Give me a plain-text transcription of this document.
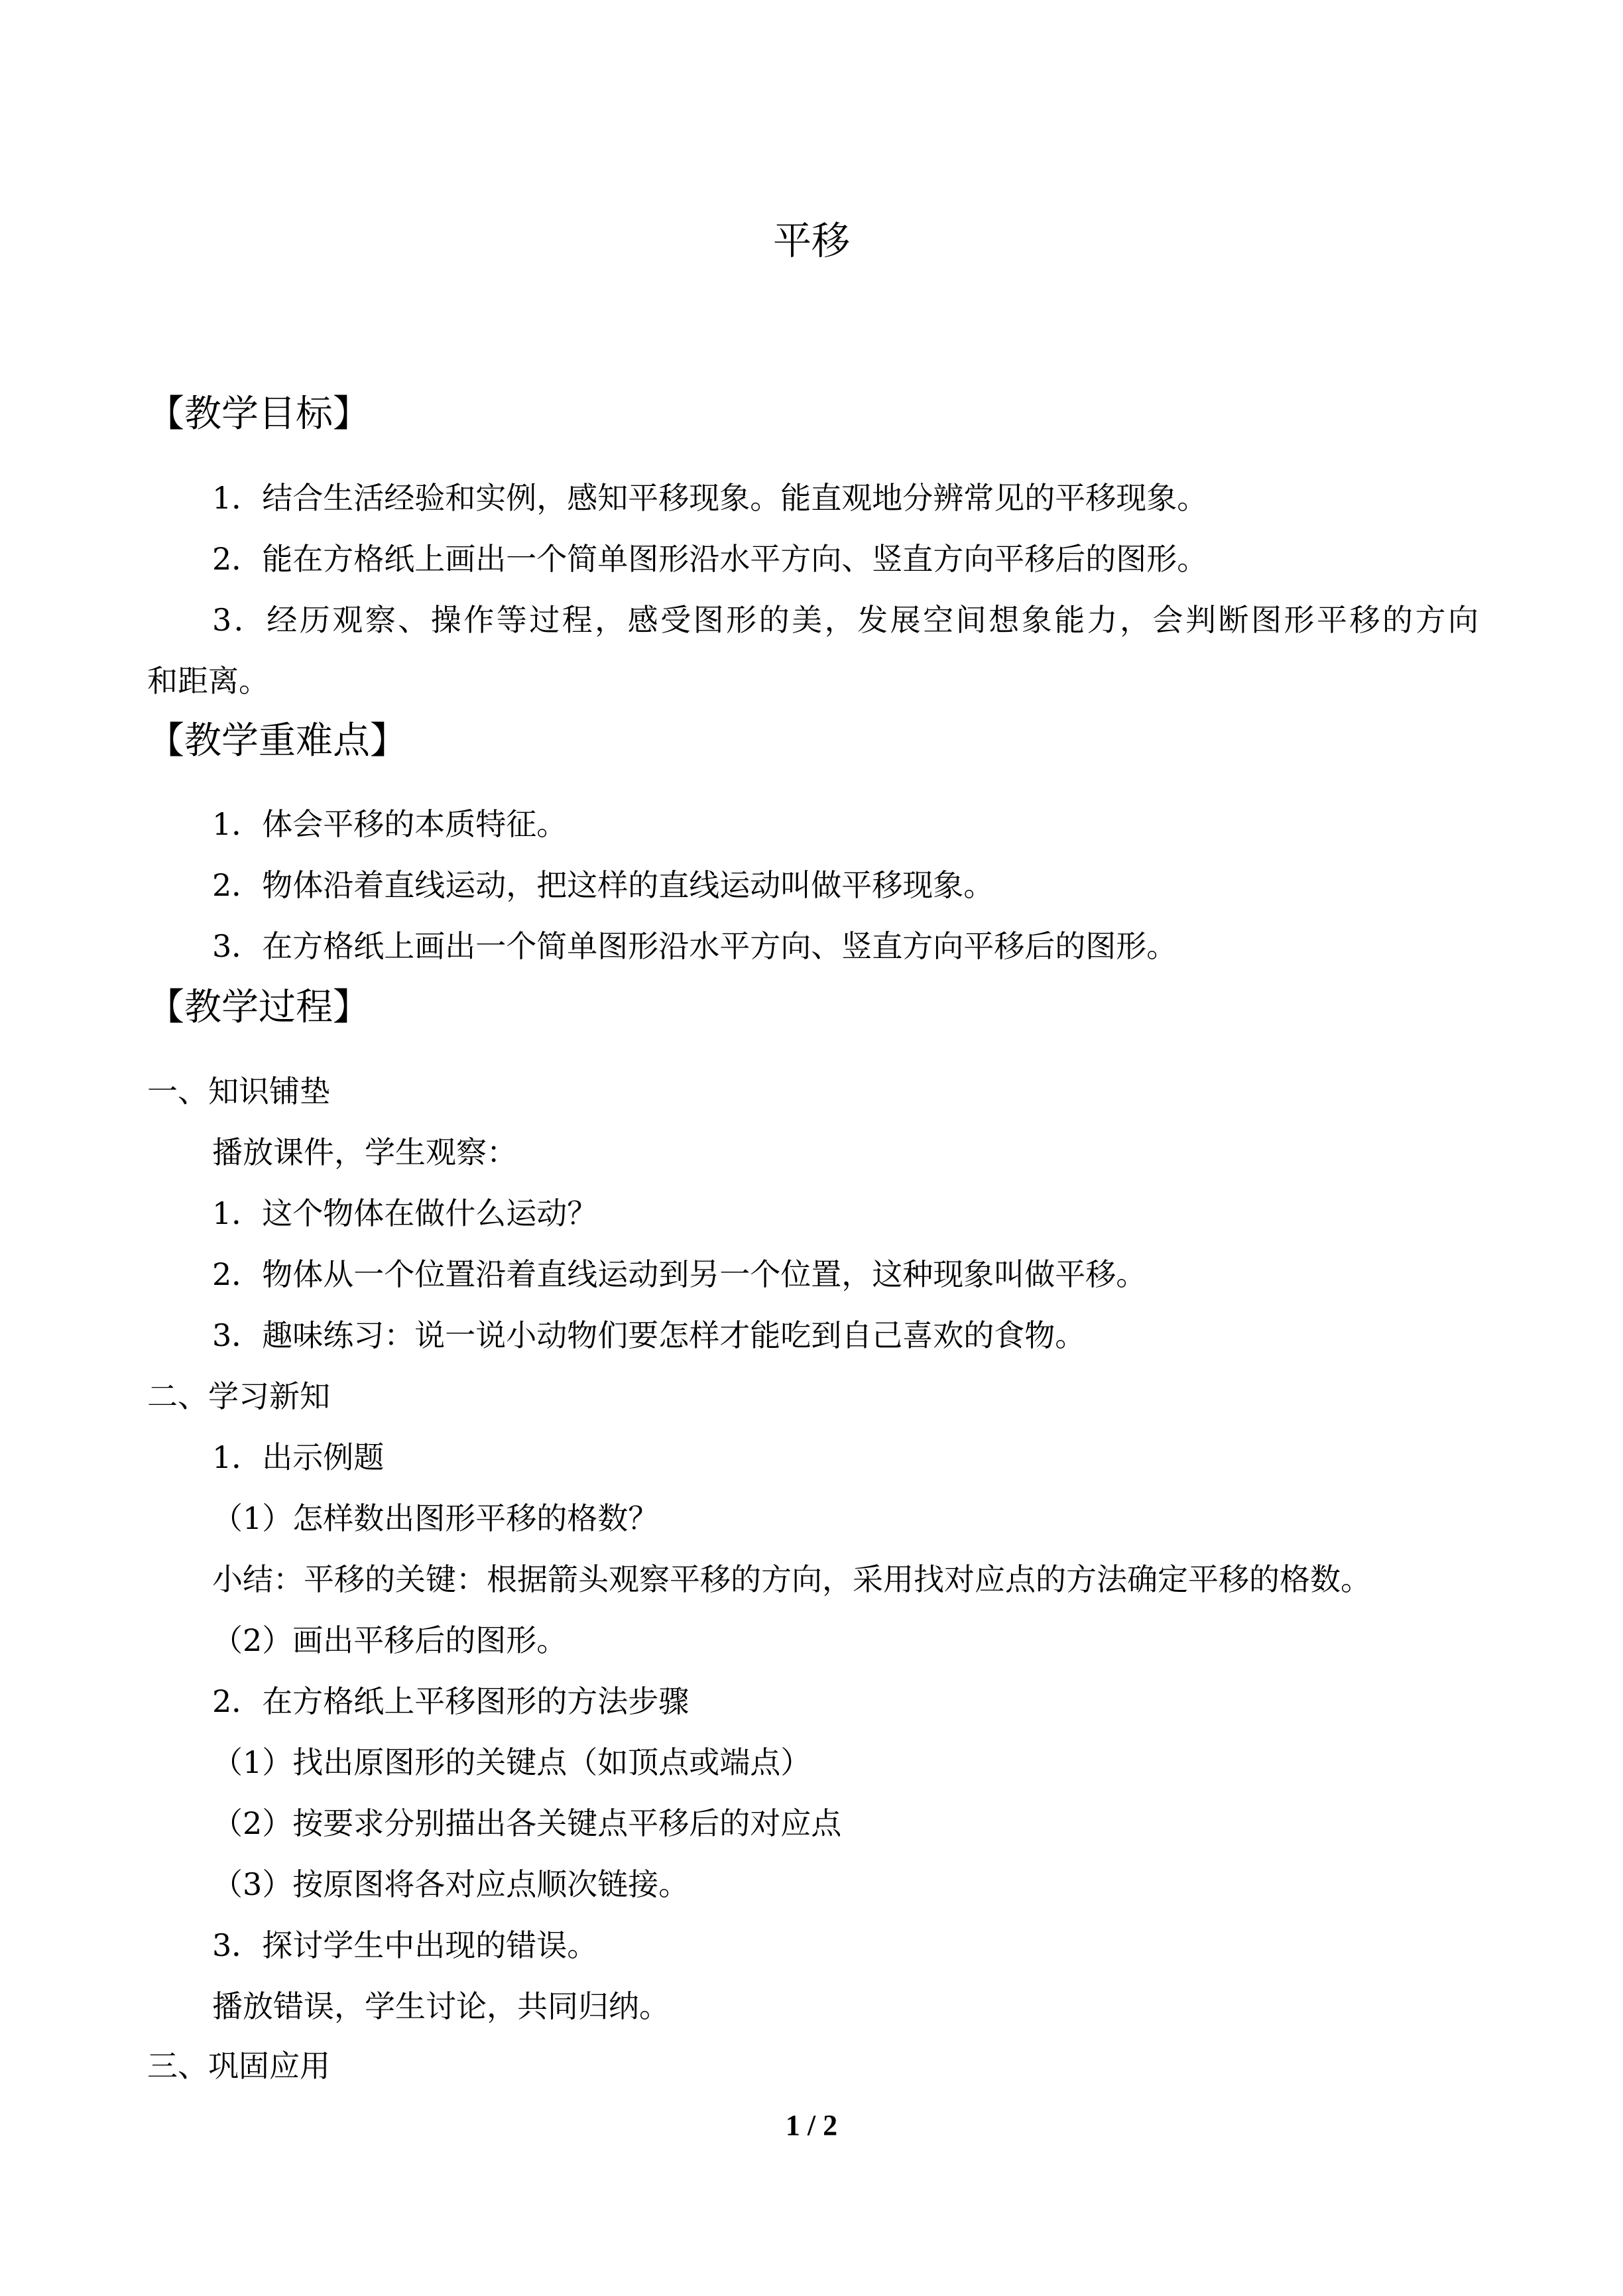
平移
【教学目标】
1．结合生活经验和实例，感知平移现象。能直观地分辨常见的平移现象。
2．能在方格纸上画出一个简单图形沿水平方向、竖直方向平移后的图形。
3．经历观察、操作等过程，感受图形的美，发展空间想象能力，会判断图形平移的方向
和距离。
【教学重难点】
1．体会平移的本质特征。
2．物体沿着直线运动，把这样的直线运动叫做平移现象。
3．在方格纸上画出一个简单图形沿水平方向、竖直方向平移后的图形。
【教学过程】
一、知识铺垫
播放课件，学生观察：
1．这个物体在做什么运动？
2．物体从一个位置沿着直线运动到另一个位置，这种现象叫做平移。
3．趣味练习：说一说小动物们要怎样才能吃到自己喜欢的食物。
二、学习新知
1．出示例题
（1）怎样数出图形平移的格数？
小结：平移的关键：根据箭头观察平移的方向，采用找对应点的方法确定平移的格数。
（2）画出平移后的图形。
2．在方格纸上平移图形的方法步骤
（1）找出原图形的关键点（如顶点或端点）
（2）按要求分别描出各关键点平移后的对应点
（3）按原图将各对应点顺次链接。
3．探讨学生中出现的错误。
播放错误，学生讨论，共同归纳。
三、巩固应用
1 / 2
